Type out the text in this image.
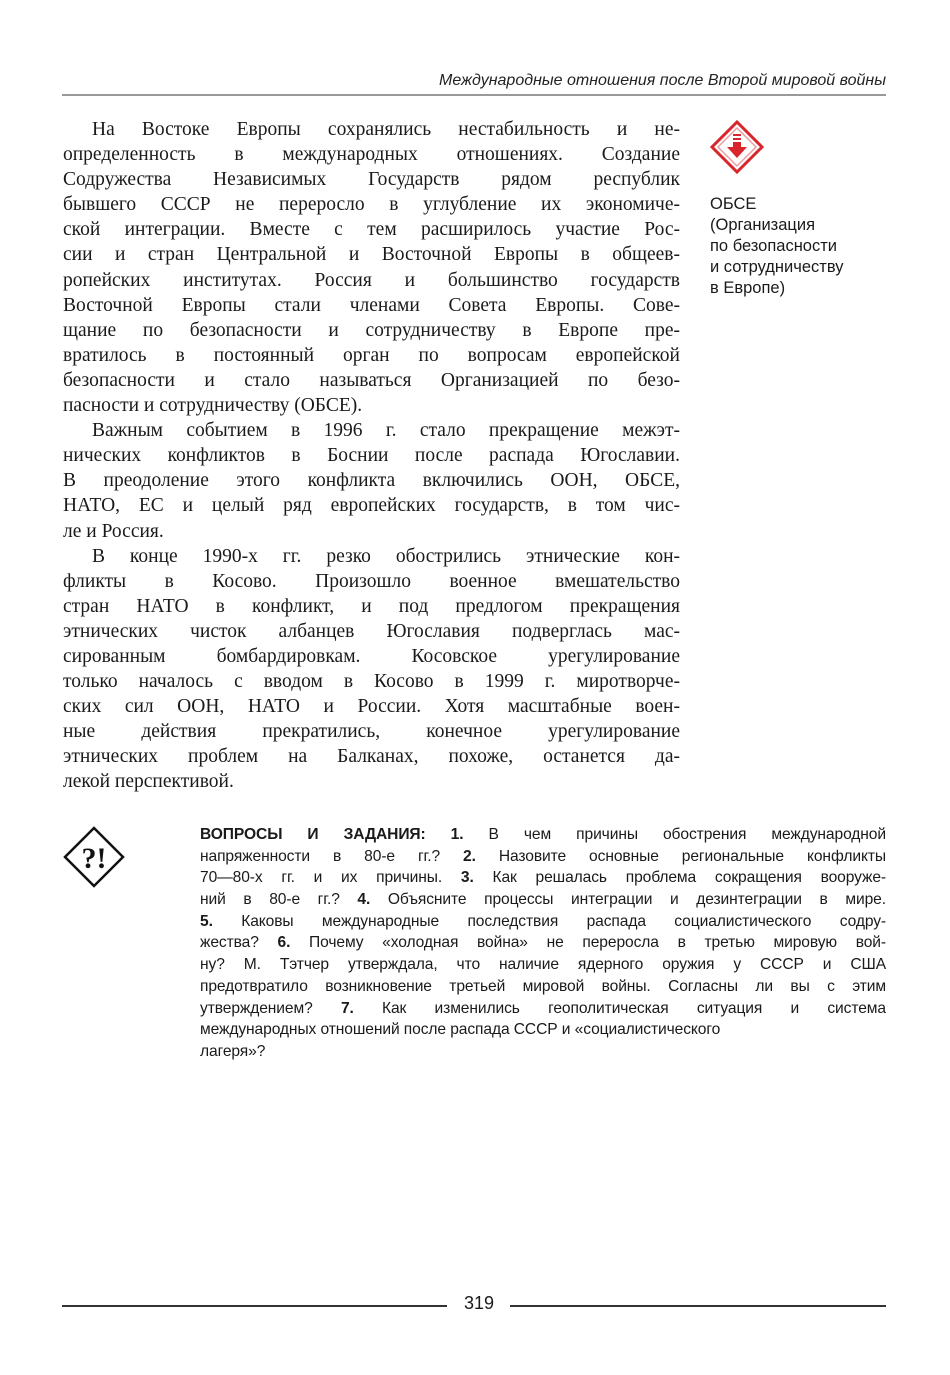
Международные отношения после Второй мировой войны
На Востоке Европы сохранялись нестабильность и не-
определенность в международных отношениях. Создание
Содружества Независимых Государств рядом республик
бывшего СССР не переросло в углубление их экономиче-
ской интеграции. Вместе с тем расширилось участие Рос-
сии и стран Центральной и Восточной Европы в общеев-
ропейских институтах. Россия и большинство государств
Восточной Европы стали членами Совета Европы. Сове-
щание по безопасности и сотрудничеству в Европе пре-
вратилось в постоянный орган по вопросам европейской
безопасности и стало называться Организацией по безо-
пасности и сотрудничеству (ОБСЕ).
Важным событием в 1996 г. стало прекращение межэт-
нических конфликтов в Боснии после распада Югославии.
В преодоление этого конфликта включились ООН, ОБСЕ,
НАТО, ЕС и целый ряд европейских государств, в том чис-
ле и Россия.
В конце 1990-х гг. резко обострились этнические кон-
фликты в Косово. Произошло военное вмешательство
стран НАТО в конфликт, и под предлогом прекращения
этнических чисток албанцев Югославия подверглась мас-
сированным бомбардировкам. Косовское урегулирование
только началось с вводом в Косово в 1999 г. миротворче-
ских сил ООН, НАТО и России. Хотя масштабные воен-
ные действия прекратились, конечное урегулирование
этнических проблем на Балканах, похоже, останется да-
лекой перспективой.
ОБСЕ
(Организация
по безопасности
и сотрудничеству
в Европе)
?!
ВОПРОСЫ И ЗАДАНИЯ: 1. В чем причины обострения международной
напряженности в 80-е гг.? 2. Назовите основные региональные конфликты
70—80-х гг. и их причины. 3. Как решалась проблема сокращения вооруже-
ний в 80-е гг.? 4. Объясните процессы интеграции и дезинтеграции в мире.
5. Каковы международные последствия распада социалистического содру-
жества? 6. Почему «холодная война» не переросла в третью мировую вой-
ну? М. Тэтчер утверждала, что наличие ядерного оружия у СССР и США
предотвратило возникновение третьей мировой войны. Согласны ли вы с этим
утверждением? 7. Как изменились геополитическая ситуация и система
международных отношений после распада СССР и «социалистического
лагеря»?
319
